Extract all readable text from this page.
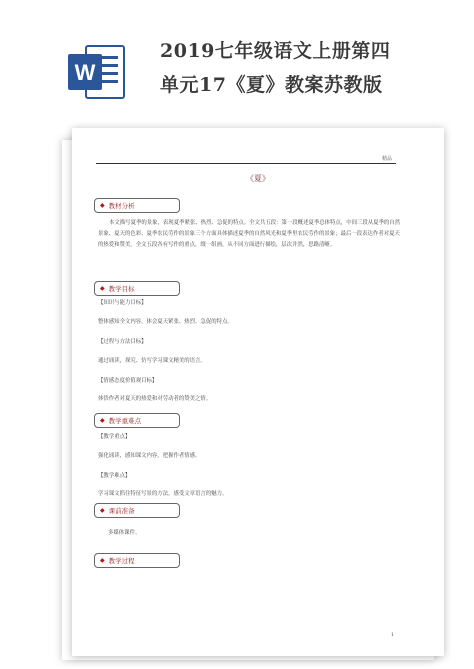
W
2019七年级语文上册第四
单元17《夏》教案苏教版
精品
《夏》
◆ 教材分析
本文描写夏季的景象，表现夏季紧张、热烈、急促的特点。全文共五段：第一段概述夏季总体特点，中间三段从夏季的自然景象、夏天的色彩、夏季农民劳作的景象三个方面具体描述夏季的自然风光和夏季里农民劳作的景象；最后一段表达作者对夏天的热爱和赞美。全文五段各有写作的重点，缀一组画，从不同方面进行描绘，层次井然，思路清晰。
◆ 教学目标
【知识与能力目标】
整体感知全文内容，体会夏天紧张、热烈、急促的特点。
【过程与方法目标】
通过诵读，探究、仿写学习课文精美的语言。
【情感态度价值观目标】
体悟作者对夏天的热爱和对劳动者的赞美之情。
◆ 教学重难点
【教学重点】
强化诵读，感知课文内容，把握作者情感。
【教学难点】
学习课文抓住特征写景的方法，感受文章语言的魅力。
◆ 课前准备
多媒体课件。
◆ 教学过程
1
